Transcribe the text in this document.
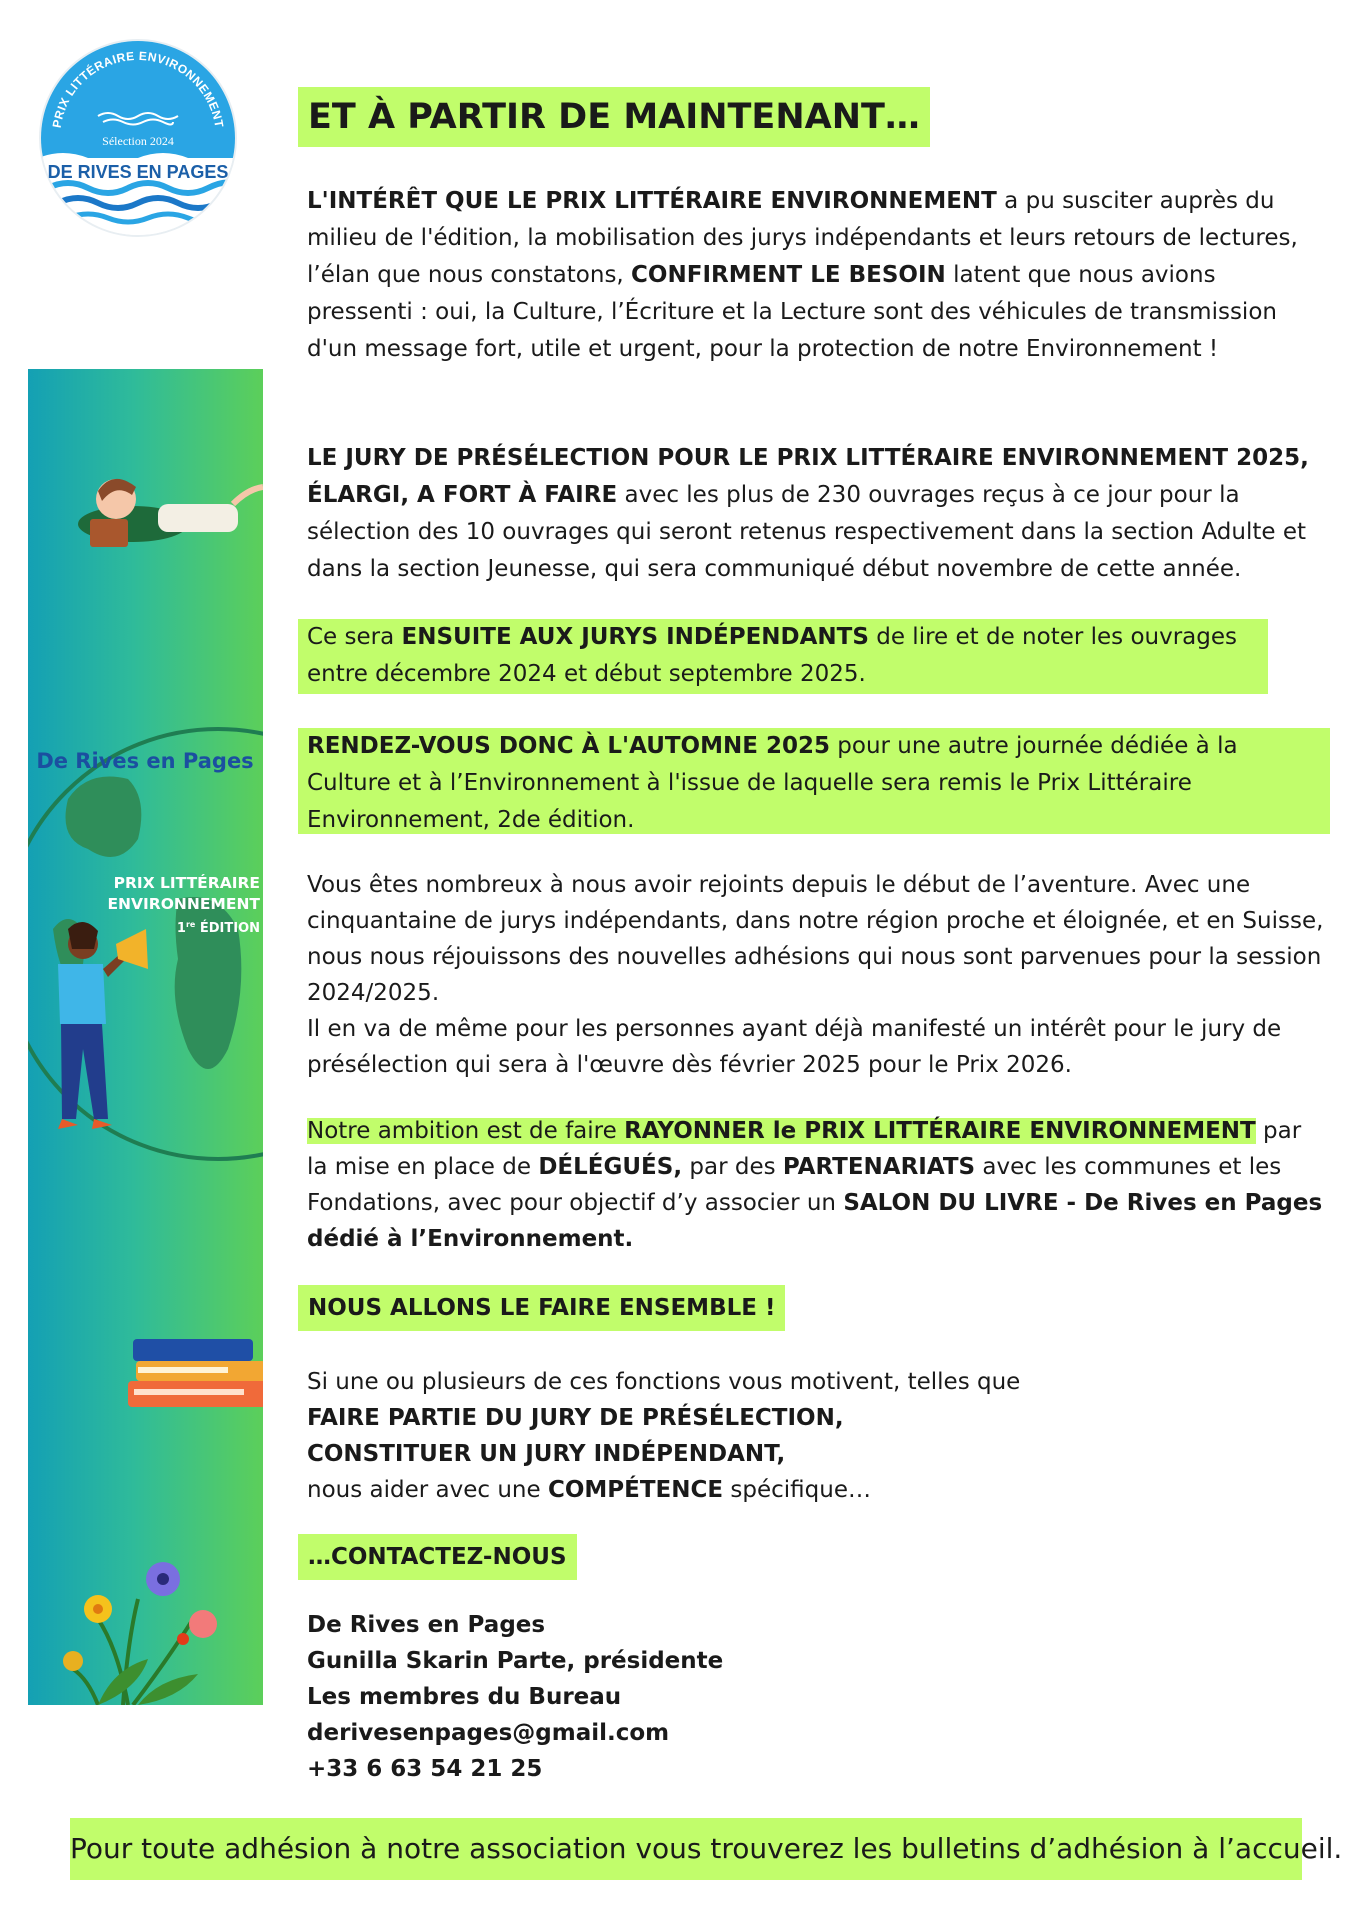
PRIX LITTÉRAIRE ENVIRONNEMENT
Sélection 2024
DE RIVES EN PAGES
De Rives en Pages
PRIX LITTÉRAIRE
ENVIRONNEMENT
1re ÉDITION
ET À PARTIR DE MAINTENANT…

L'INTÉRÊT QUE LE PRIX LITTÉRAIRE ENVIRONNEMENT a pu susciter auprès du milieu de l'édition, la mobilisation des jurys indépendants et leurs retours de lectures, l’élan que nous constatons, CONFIRMENT LE BESOIN latent que nous avions pressenti : oui, la Culture, l’Écriture et la Lecture sont des véhicules de transmission d'un message fort, utile et urgent, pour la protection de notre Environnement !

LE JURY DE PRÉSÉLECTION POUR LE PRIX LITTÉRAIRE ENVIRONNEMENT 2025, ÉLARGI, A FORT À FAIRE avec les plus de 230 ouvrages reçus à ce jour pour la sélection des 10 ouvrages qui seront retenus respectivement dans la section Adulte et dans la section Jeunesse, qui sera communiqué début novembre de cette année.

Ce sera ENSUITE AUX JURYS INDÉPENDANTS de lire et de noter les ouvrages entre décembre 2024 et début septembre 2025.

RENDEZ-VOUS DONC À L'AUTOMNE 2025 pour une autre journée dédiée à la Culture et à l’Environnement à l'issue de laquelle sera remis le Prix Littéraire Environnement, 2de édition.

Vous êtes nombreux à nous avoir rejoints depuis le début de l’aventure. Avec une cinquantaine de jurys indépendants, dans notre région proche et éloignée, et en Suisse, nous nous réjouissons des nouvelles adhésions qui nous sont parvenues pour la session 2024/2025.
Il en va de même pour les personnes ayant déjà manifesté un intérêt pour le jury de présélection qui sera à l'œuvre dès février 2025 pour le Prix 2026.

Notre ambition est de faire RAYONNER le PRIX LITTÉRAIRE ENVIRONNEMENT par la mise en place de DÉLÉGUÉS, par des PARTENARIATS avec les communes et les Fondations, avec pour objectif d’y associer un SALON DU LIVRE - De Rives en Pages dédié à l’Environnement.

NOUS ALLONS LE FAIRE ENSEMBLE !
Si une ou plusieurs de ces fonctions vous motivent, telles que
FAIRE PARTIE DU JURY DE PRÉSÉLECTION,
CONSTITUER UN JURY INDÉPENDANT,
nous aider avec une COMPÉTENCE spécifique…
…CONTACTEZ-NOUS
De Rives en Pages
Gunilla Skarin Parte, présidente
Les membres du Bureau
derivesenpages@gmail.com
+33 6 63 54 21 25
Pour toute adhésion à notre association vous trouverez les bulletins d’adhésion à l’accueil.
